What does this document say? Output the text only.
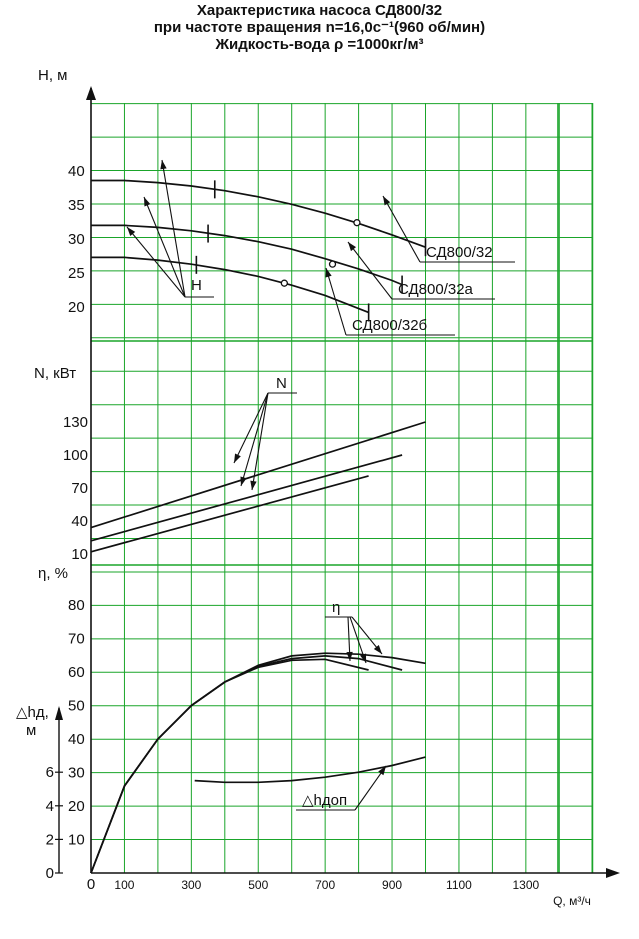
Характеристика насоса СД800/32
при частоте вращения n=16,0с⁻¹(960 об/мин)
Жидкость-вода ρ =1000кг/м³
H, м
N, кВт
η, %
△hд,
м
Q, м³/ч
20
25
30
35
40
10
40
70
100
130
10
20
30
40
50
60
70
80
0
2
4
6
0 100	300	500	700	900	1100	1300
СД800/32
СД800/32а
СД800/32б
H
N
η
△hдоп
